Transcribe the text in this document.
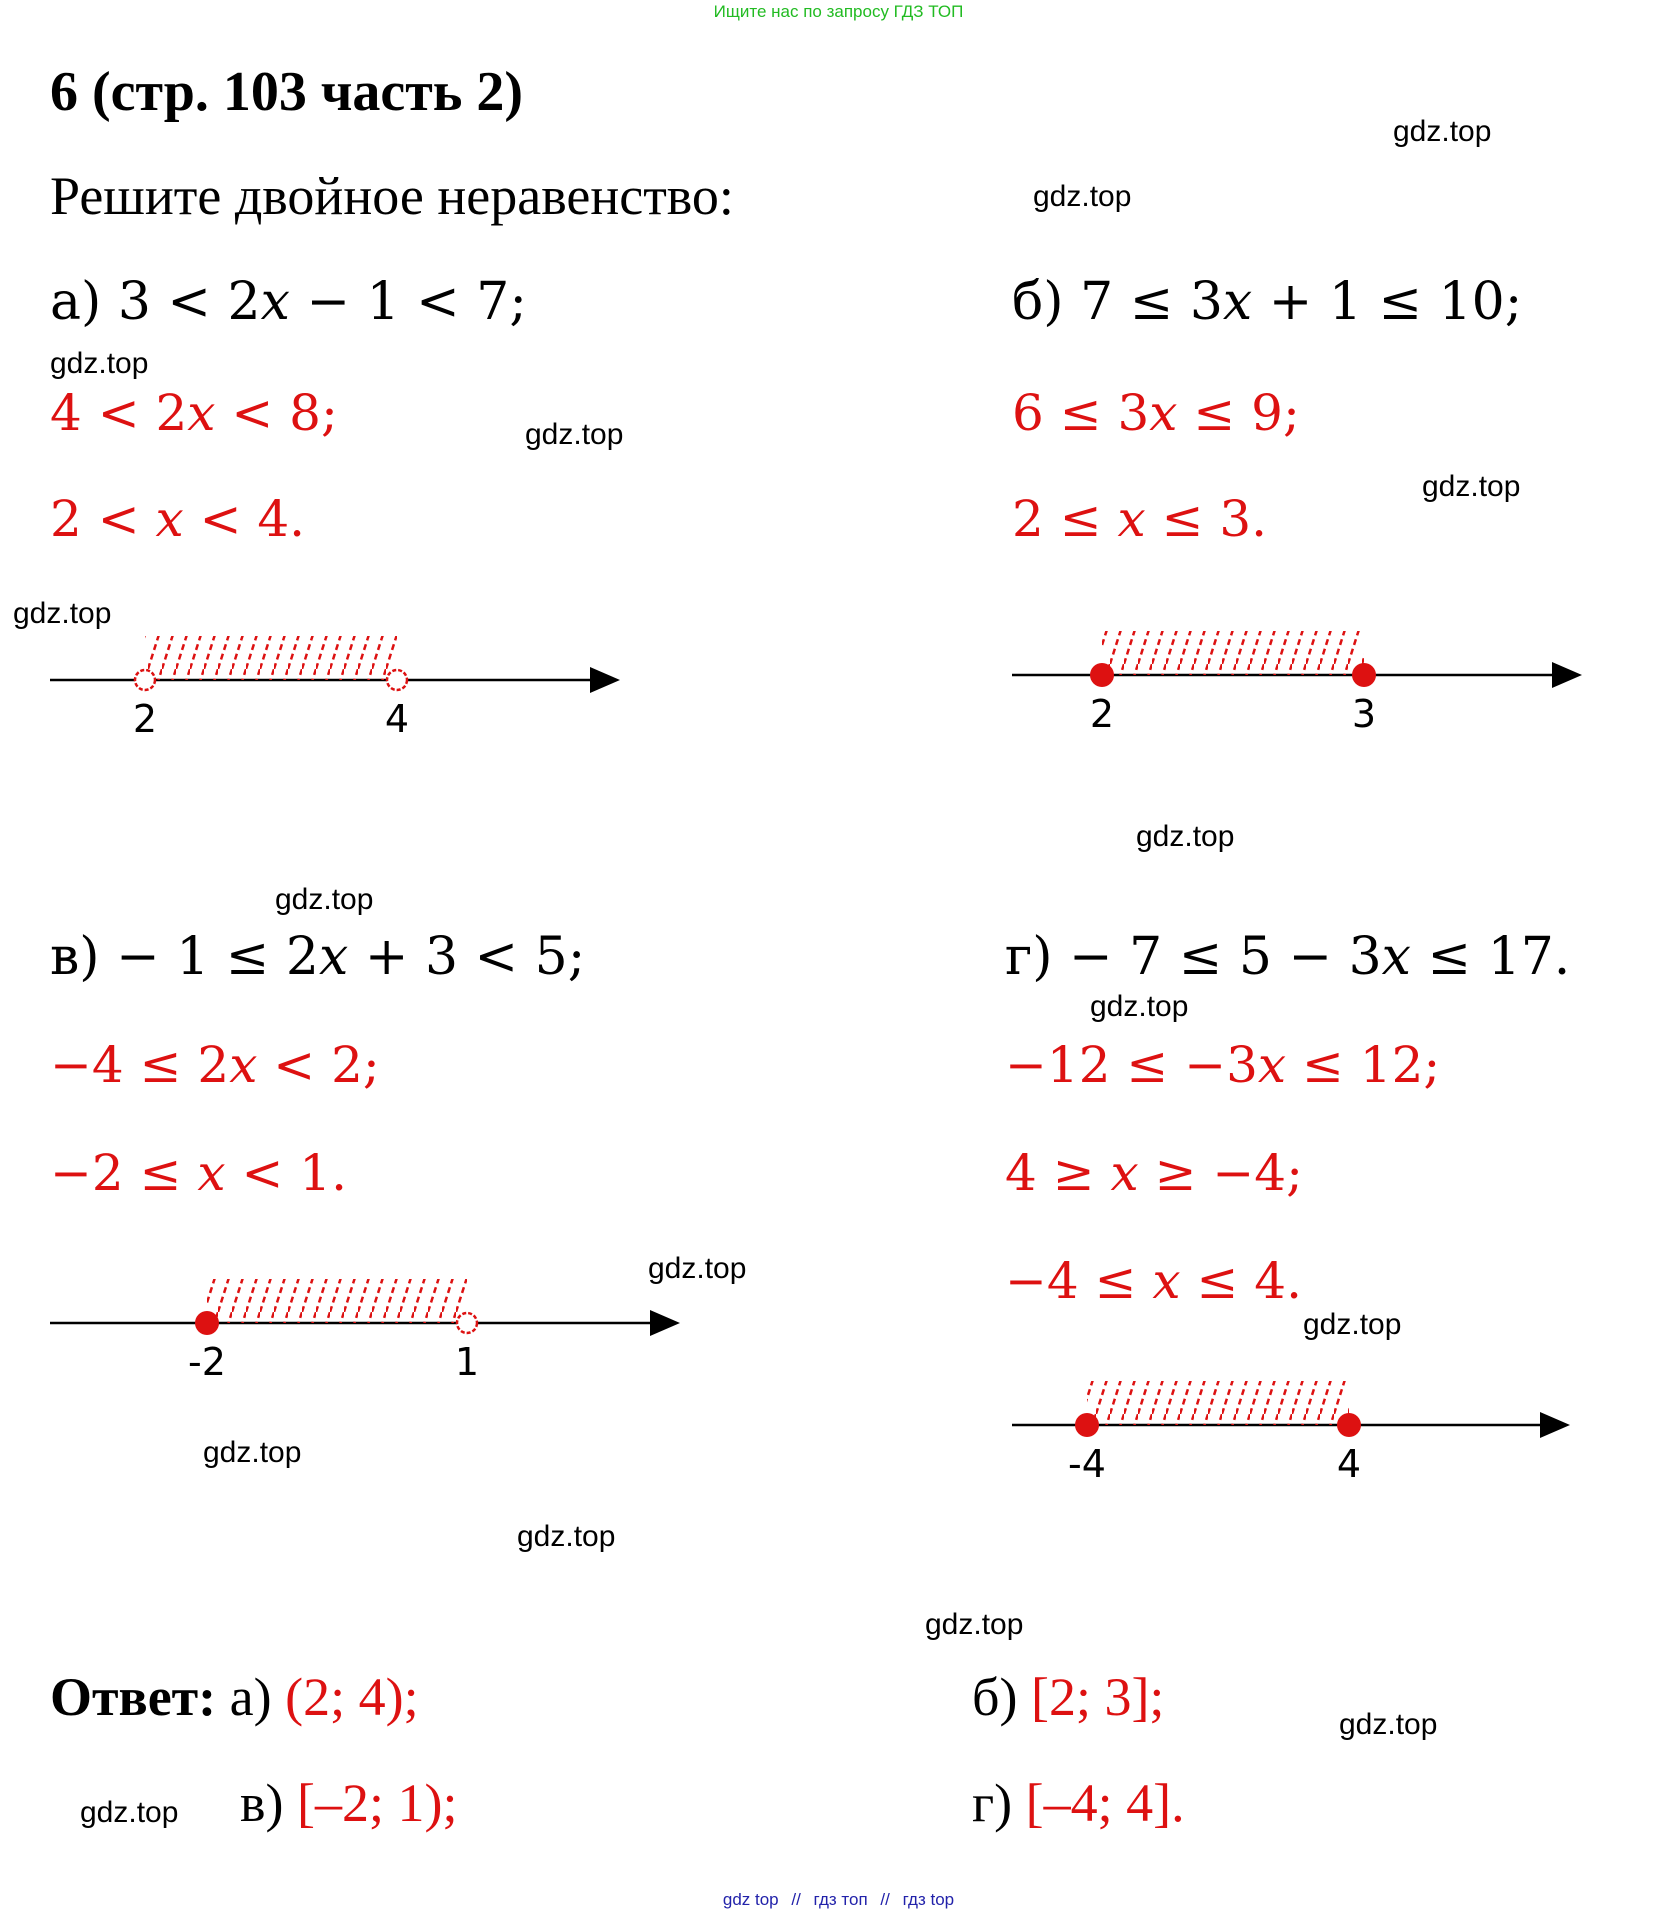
Ищите нас по запросу ГДЗ ТОП
6 (стр. 103 часть 2)
Решите двойное неравенство:
gdz.top
gdz.top
gdz.top
gdz.top
gdz.top
gdz.top
gdz.top
gdz.top
gdz.top
gdz.top
gdz.top
gdz.top
gdz.top
gdz.top
gdz.top
gdz.top
а) 3 < 2𝑥 − 1 < 7;
4 < 2𝑥 < 8;
2 < 𝑥 < 4.
2	4
б) 7 ≤ 3𝑥 + 1 ≤ 10;
6 ≤ 3𝑥 ≤ 9;
2 ≤ 𝑥 ≤ 3.
2	3
в) − 1 ≤ 2𝑥 + 3 < 5;
−4 ≤ 2𝑥 < 2;
−2 ≤ 𝑥 < 1.
-2	1
г) − 7 ≤ 5 − 3𝑥 ≤ 17.
−12 ≤ −3𝑥 ≤ 12;
4 ≥ 𝑥 ≥ −4;
−4 ≤ 𝑥 ≤ 4.
-4	4
Ответ: а) (2; 4);	б) [2; 3];
в) [–2; 1);	г) [–4; 4].
gdz top // гдз топ // гдз top
